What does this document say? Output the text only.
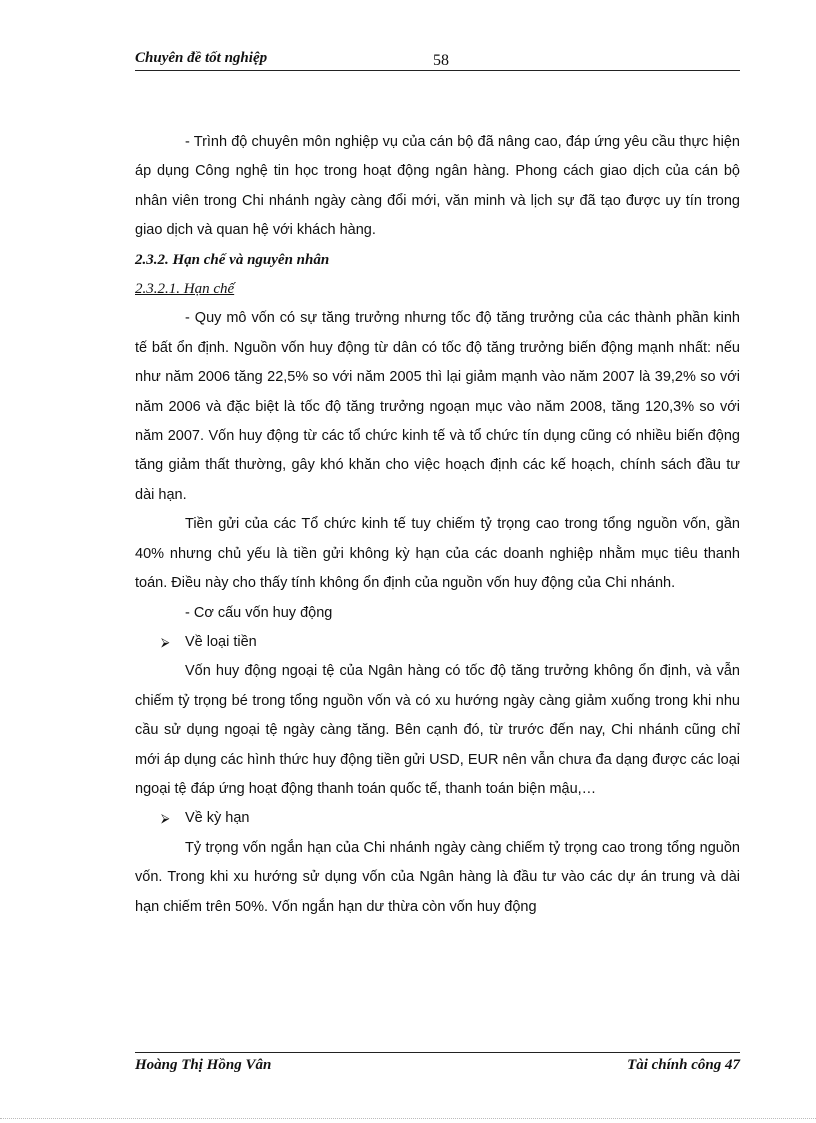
Chuyên đề tốt nghiệp	58

- Trình độ chuyên môn nghiệp vụ của cán bộ đã nâng cao, đáp ứng yêu cầu thực hiện áp dụng Công nghệ tin học trong hoạt động ngân hàng. Phong cách giao dịch của cán bộ nhân viên trong Chi nhánh ngày càng đổi mới, văn minh và lịch sự đã tạo được uy tín trong giao dịch và quan hệ với khách hàng.

2.3.2. Hạn chế và nguyên nhân

2.3.2.1. Hạn chế

- Quy mô vốn có sự tăng trưởng nhưng tốc độ tăng trưởng của các thành phần kinh tế bất ổn định. Nguồn vốn huy động từ dân có tốc độ tăng trưởng biến động mạnh nhất: nếu như năm 2006 tăng 22,5% so với năm 2005 thì lại giảm mạnh vào năm 2007 là 39,2% so với năm 2006 và đặc biệt là tốc độ tăng trưởng ngoạn mục vào năm 2008, tăng 120,3% so với năm 2007. Vốn huy động từ các tổ chức kinh tế và tổ chức tín dụng cũng có nhiều biến động tăng giảm thất thường, gây khó khăn cho việc hoạch định các kế hoạch, chính sách đầu tư dài hạn.

Tiền gửi của các Tổ chức kinh tế tuy chiếm tỷ trọng cao trong tổng nguồn vốn, gần 40% nhưng chủ yếu là tiền gửi không kỳ hạn của các doanh nghiệp nhằm mục tiêu thanh toán. Điều này cho thấy tính không ổn định của nguồn vốn huy động của Chi nhánh.

- Cơ cấu vốn huy động

⮚ Về loại tiền

Vốn huy động ngoại tệ của Ngân hàng có tốc độ tăng trưởng không ổn định, và vẫn chiếm tỷ trọng bé trong tổng nguồn vốn và có xu hướng ngày càng giảm xuống trong khi nhu cầu sử dụng ngoại tệ ngày càng tăng. Bên cạnh đó, từ trước đến nay, Chi nhánh cũng chỉ mới áp dụng các hình thức huy động tiền gửi USD, EUR nên vẫn chưa đa dạng được các loại ngoại tệ đáp ứng hoạt động thanh toán quốc tế, thanh toán biện mậu,…

⮚ Về kỳ hạn

Tỷ trọng vốn ngắn hạn của Chi nhánh ngày càng chiếm tỷ trọng cao trong tổng nguồn vốn. Trong khi xu hướng sử dụng vốn của Ngân hàng là đầu tư vào các dự án trung và dài hạn chiếm trên 50%. Vốn ngắn hạn dư thừa còn vốn huy động

Hoàng Thị Hồng Vân	Tài chính công 47
